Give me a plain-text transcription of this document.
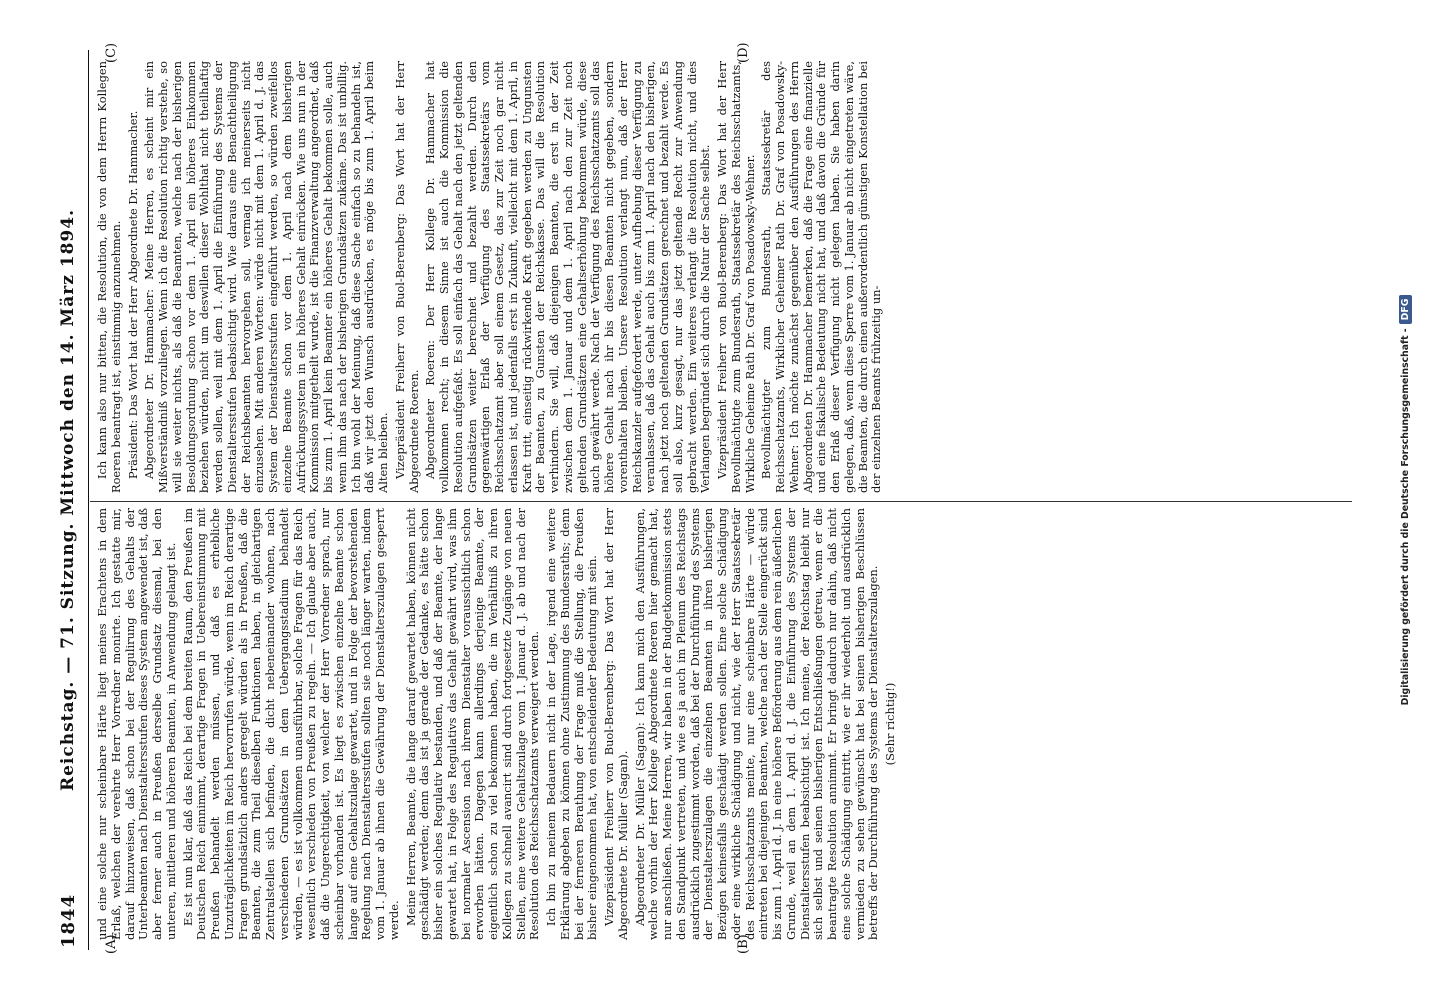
1844
Reichstag. — 71. Sitzung. Mittwoch den 14. März 1894.
(A)	(B)
(C)	(D)

und eine solche nur scheinbare Härte liegt meines Erachtens in dem Erlaß, welchen der verehrte Herr Vorredner monirte. Ich gestatte mir, darauf hinzuweisen, daß schon bei der Regulirung des Gehalts der Unterbeamten nach Dienstaltersstufen dieses System angewendet ist, daß aber ferner auch in Preußen derselbe Grundsatz diesmal, bei den unteren, mittleren und höheren Beamten, in Anwendung gelangt ist. Es ist nun klar, daß das Reich bei dem breiten Raum, den Preußen im Deutschen Reich einnimmt, derartige Fragen in Uebereinstimmung mit Preußen behandelt werden müssen, und daß es erhebliche Unzuträglichkeiten im Reich hervorrufen würde, wenn im Reich derartige Fragen grundsätzlich anders geregelt würden als in Preußen, daß die Beamten, die zum Theil dieselben Funktionen haben, in gleichartigen Zentralstellen sich befinden, die dicht nebeneinander wohnen, nach verschiedenen Grundsätzen in dem Uebergangsstadium behandelt würden, — es ist vollkommen unausführbar, solche Fragen für das Reich wesentlich verschieden von Preußen zu regeln. — Ich glaube aber auch, daß die Ungerechtigkeit, von welcher der Herr Vorredner sprach, nur scheinbar vorhanden ist. Es liegt es zwischen einzelne Beamte schon lange auf eine Gehaltszulage gewartet, und in Folge der bevorstehenden Regelung nach Dienstaltersstufen sollten sie noch länger warten, indem vom 1. Januar ab ihnen die Gewährung der Dienstalterszulagen gesperrt werde. Meine Herren, Beamte, die lange darauf gewartet haben, können nicht geschädigt werden; denn das ist ja gerade der Gedanke, es hätte schon bisher ein solches Regulativ bestanden, und daß der Beamte, der lange gewartet hat, in Folge des Regulativs das Gehalt gewährt wird, was ihm bei normaler Ascension nach ihrem Dienstalter voraussichtlich schon erworben hätten. Dagegen kann allerdings derjenige Beamte, der eigentlich schon zu viel bekommen haben, die im Verhältniß zu ihren Kollegen zu schnell avancirt sind durch fortgesetzte Zugänge von neuen Stellen, eine weitere Gehaltszulage vom 1. Januar d. J. ab und nach der Resolution des Reichsschatzamts verweigert werden. Ich bin zu meinem Bedauern nicht in der Lage, irgend eine weitere Erklärung abgeben zu können ohne Zustimmung des Bundesraths; denn bei der ferneren Berathung der Frage muß die Stellung, die Preußen bisher eingenommen hat, von entscheidender Bedeutung mit sein. Vizepräsident Freiherr von Buol-Berenberg: Das Wort hat der Herr Abgeordnete Dr. Müller (Sagan). Abgeordneter Dr. Müller (Sagan): Ich kann mich den Ausführungen, welche vorhin der Herr Kollege Abgeordnete Roeren hier gemacht hat, nur anschließen. Meine Herren, wir haben in der Budgetkommission stets den Standpunkt vertreten, und wie es ja auch im Plenum des Reichstags ausdrücklich zugestimmt worden, daß bei der Durchführung des Systems der Dienstalterszulagen die einzelnen Beamten in ihren bisherigen Bezügen keinesfalls geschädigt werden sollen. Eine solche Schädigung oder eine wirkliche Schädigung und nicht, wie der Herr Staatssekretär des Reichsschatzamts meinte, nur eine scheinbare Härte — würde eintreten bei diejenigen Beamten, welche nach der Stelle eingerückt sind bis zum 1. April d. J. in eine höhere Beförderung aus dem rein äußerlichen Grunde, weil an dem 1. April d. J. die Einführung des Systems der Dienstaltersstufen beabsichtigt ist. Ich meine, der Reichstag bleibt nur sich selbst und seinen bisherigen Entschließungen getreu, wenn er die beantragte Resolution annimmt. Er bringt dadurch nur dahin, daß nicht eine solche Schädigung eintritt, wie er ihr wiederholt und ausdrücklich vermieden zu sehen gewünscht hat bei seinen bisherigen Beschlüssen betreffs der Durchführung des Systems der Dienstalterszulagen. (Sehr richtig!)

Ich kann also nur bitten, die Resolution, die von dem Herrn Kollegen Roeren beantragt ist, einstimmig anzunehmen. Präsident: Das Wort hat der Herr Abgeordnete Dr. Hammacher. Abgeordneter Dr. Hammacher: Meine Herren, es scheint mir ein Mißverständniß vorzuliegen. Wenn ich die Resolution richtig verstehe, so will sie weiter nichts, als daß die Beamten, welche nach der bisherigen Besoldungsordnung schon vor dem 1. April ein höheres Einkommen beziehen würden, nicht um deswillen dieser Wohlthat nicht theilhaftig werden sollen, weil mit dem 1. April die Einführung des Systems der Dienstaltersstufen beabsichtigt wird. Wie daraus eine Benachtheiligung der Reichsbeamten hervorgehen soll, vermag ich meinerseits nicht einzusehen. Mit anderen Worten: würde nicht mit dem 1. April d. J. das System der Dienstaltersstufen eingeführt werden, so würden zweifellos einzelne Beamte schon vor dem 1. April nach dem bisherigen Aufrückungssystem in ein höheres Gehalt einrücken. Wie uns nun in der Kommission mitgetheilt wurde, ist die Finanzverwaltung angeordnet, daß bis zum 1. April kein Beamter ein höheres Gehalt bekommen solle, auch wenn ihm das nach der bisherigen Grundsätzen zukäme. Das ist unbillig. Ich bin wohl der Meinung, daß diese Sache einfach so zu behandeln ist, daß wir jetzt den Wunsch ausdrücken, es möge bis zum 1. April beim Alten bleiben. Vizepräsident Freiherr von Buol-Berenberg: Das Wort hat der Herr Abgeordnete Roeren. Abgeordneter Roeren: Der Herr Kollege Dr. Hammacher hat vollkommen recht; in diesem Sinne ist auch die Kommission die Resolution aufgefaßt. Es soll einfach das Gehalt nach den jetzt geltenden Grundsätzen weiter berechnet und bezahlt werden. Durch den gegenwärtigen Erlaß der Verfügung des Staatssekretärs vom Reichsschatzamt aber soll einem Gesetz, das zur Zeit noch gar nicht erlassen ist, und jedenfalls erst in Zukunft, vielleicht mit dem 1. April, in Kraft tritt, einseitig rückwirkende Kraft gegeben werden zu Ungunsten der Beamten, zu Gunsten der Reichskasse. Das will die Resolution verhindern. Sie will, daß diejenigen Beamten, die erst in der Zeit zwischen dem 1. Januar und dem 1. April nach den zur Zeit noch geltenden Grundsätzen eine Gehaltserhöhung bekommen würde, diese auch gewährt werde. Nach der Verfügung des Reichsschatzamts soll das höhere Gehalt nach ihr bis diesen Beamten nicht gegeben, sondern vorenthalten bleiben. Unsere Resolution verlangt nun, daß der Herr Reichskanzler aufgefordert werde, unter Aufhebung dieser Verfügung zu veranlassen, daß das Gehalt auch bis zum 1. April nach den bisherigen, nach jetzt noch geltenden Grundsätzen gerechnet und bezahlt werde. Es soll also, kurz gesagt, nur das jetzt geltende Recht zur Anwendung gebracht werden. Ein weiteres verlangt die Resolution nicht, und dies Verlangen begründet sich durch die Natur der Sache selbst. Vizepräsident Freiherr von Buol-Berenberg: Das Wort hat der Herr Bevollmächtigte zum Bundesrath, Staatssekretär des Reichsschatzamts, Wirkliche Geheime Rath Dr. Graf von Posadowsky-Wehner. Bevollmächtigter zum Bundesrath, Staatssekretär des Reichsschatzamts, Wirklicher Geheimer Rath Dr. Graf von Posadowsky-Wehner: Ich möchte zunächst gegenüber den Ausführungen des Herrn Abgeordneten Dr. Hammacher bemerken, daß die Frage eine finanzielle und eine fiskalische Bedeutung nicht hat, und daß davon die Gründe für den Erlaß dieser Verfügung nicht gelegen haben. Sie haben darin gelegen, daß, wenn diese Sperre vom 1. Januar ab nicht eingetreten wäre, die Beamten, die durch einen außerordentlich günstigen Konstellation bei der einzelnen Beamts frühzeitig un-	Digitalisierung gefördert durch die Deutsche Forschungsgemeinschaft -DFG
